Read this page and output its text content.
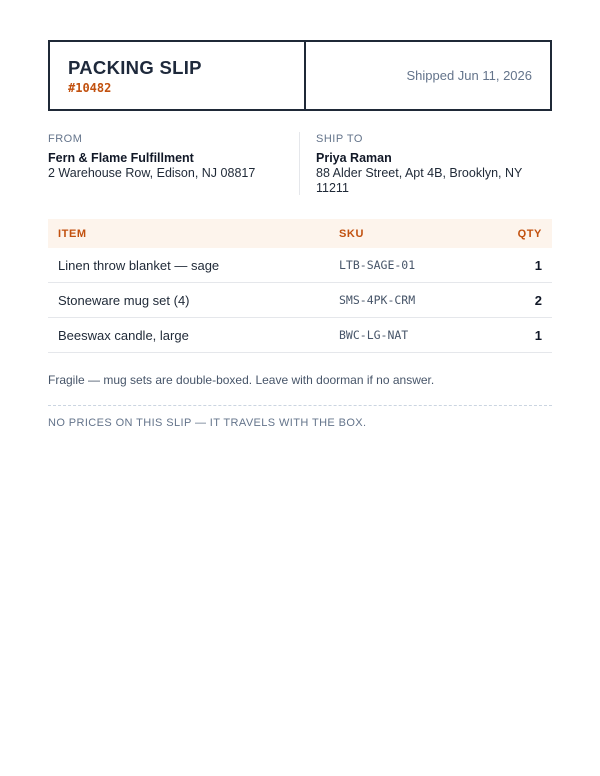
PACKING SLIP
#10482
Shipped Jun 11, 2026
FROM
Fern & Flame Fulfillment
2 Warehouse Row, Edison, NJ 08817
SHIP TO
Priya Raman
88 Alder Street, Apt 4B, Brooklyn, NY 11211
ITEM	SKU	QTY
Linen throw blanket — sage	LTB-SAGE-01	1
Stoneware mug set (4)	SMS-4PK-CRM	2
Beeswax candle, large	BWC-LG-NAT	1
Fragile — mug sets are double-boxed. Leave with doorman if no answer.
NO PRICES ON THIS SLIP — IT TRAVELS WITH THE BOX.
